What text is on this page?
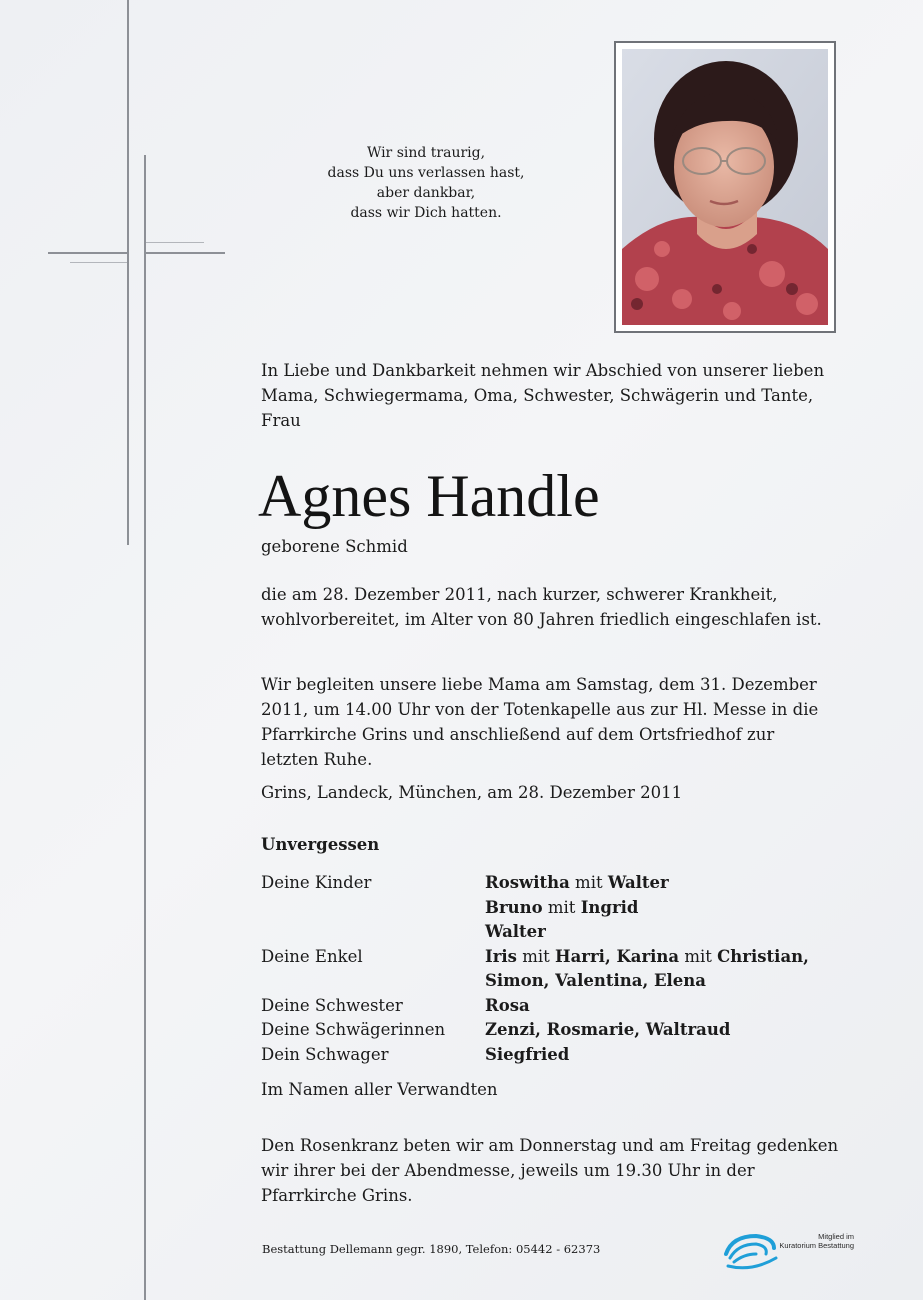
Wir sind traurig,
dass Du uns verlassen hast,
aber dankbar,
dass wir Dich hatten.
In Liebe und Dankbarkeit nehmen wir Abschied von unserer lieben Mama, Schwiegermama, Oma, Schwester, Schwägerin und Tante, Frau
Agnes Handle
geborene Schmid
die am 28. Dezember 2011, nach kurzer, schwerer Krankheit, wohlvorbereitet, im Alter von 80 Jahren friedlich eingeschlafen ist.
Wir begleiten unsere liebe Mama am Samstag, dem 31. Dezember 2011, um 14.00 Uhr von der Totenkapelle aus zur Hl. Messe in die Pfarrkirche Grins und anschließend auf dem Ortsfriedhof zur letzten Ruhe.
Grins, Landeck, München, am 28. Dezember 2011
Unvergessen
Deine Kinder	Roswitha mit Walter
Bruno mit Ingrid
Walter
Deine Enkel	Iris mit Harri, Karina mit Christian,
Simon, Valentina, Elena
Deine Schwester	Rosa
Deine Schwägerinnen	Zenzi, Rosmarie, Waltraud
Dein Schwager	Siegfried
Im Namen aller Verwandten
Den Rosenkranz beten wir am Donnerstag und am Freitag gedenken wir ihrer bei der Abendmesse, jeweils um 19.30 Uhr in der Pfarrkirche Grins.
Bestattung Dellemann gegr. 1890, Telefon: 05442 - 62373
Mitglied im
Kuratorium Bestattung
